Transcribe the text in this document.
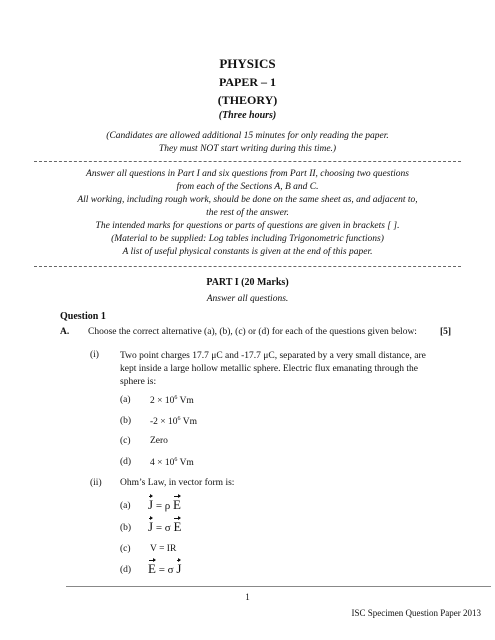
PHYSICS
PAPER – 1
(THEORY)
(Three hours)
(Candidates are allowed additional 15 minutes for only reading the paper.
They must NOT start writing during this time.)
Answer all questions in Part I and six questions from Part II, choosing two questions
from each of the Sections A, B and C.
All working, including rough work, should be done on the same sheet as, and adjacent to,
the rest of the answer.
The intended marks for questions or parts of questions are given in brackets [ ].
(Material to be supplied: Log tables including Trigonometric functions)
A list of useful physical constants is given at the end of this paper.
PART I (20 Marks)
Answer all questions.
Question 1
A. Choose the correct alternative (a), (b), (c) or (d) for each of the questions given below: [5]
(i) Two point charges 17.7 μC and -17.7 μC, separated by a very small distance, are
kept inside a large hollow metallic sphere. Electric flux emanating through the
sphere is:
(a) $2 \times 10^6$ Vm
(b) $-2 \times 10^6$ Vm
(c) Zero
(d) $4 \times 10^6$ Vm
(ii) Ohm’s Law, in vector form is:
(a) J = ρ E
(b) J = σ E
(c) V = IR
(d) E = σ J
1
ISC Specimen Question Paper 2013
